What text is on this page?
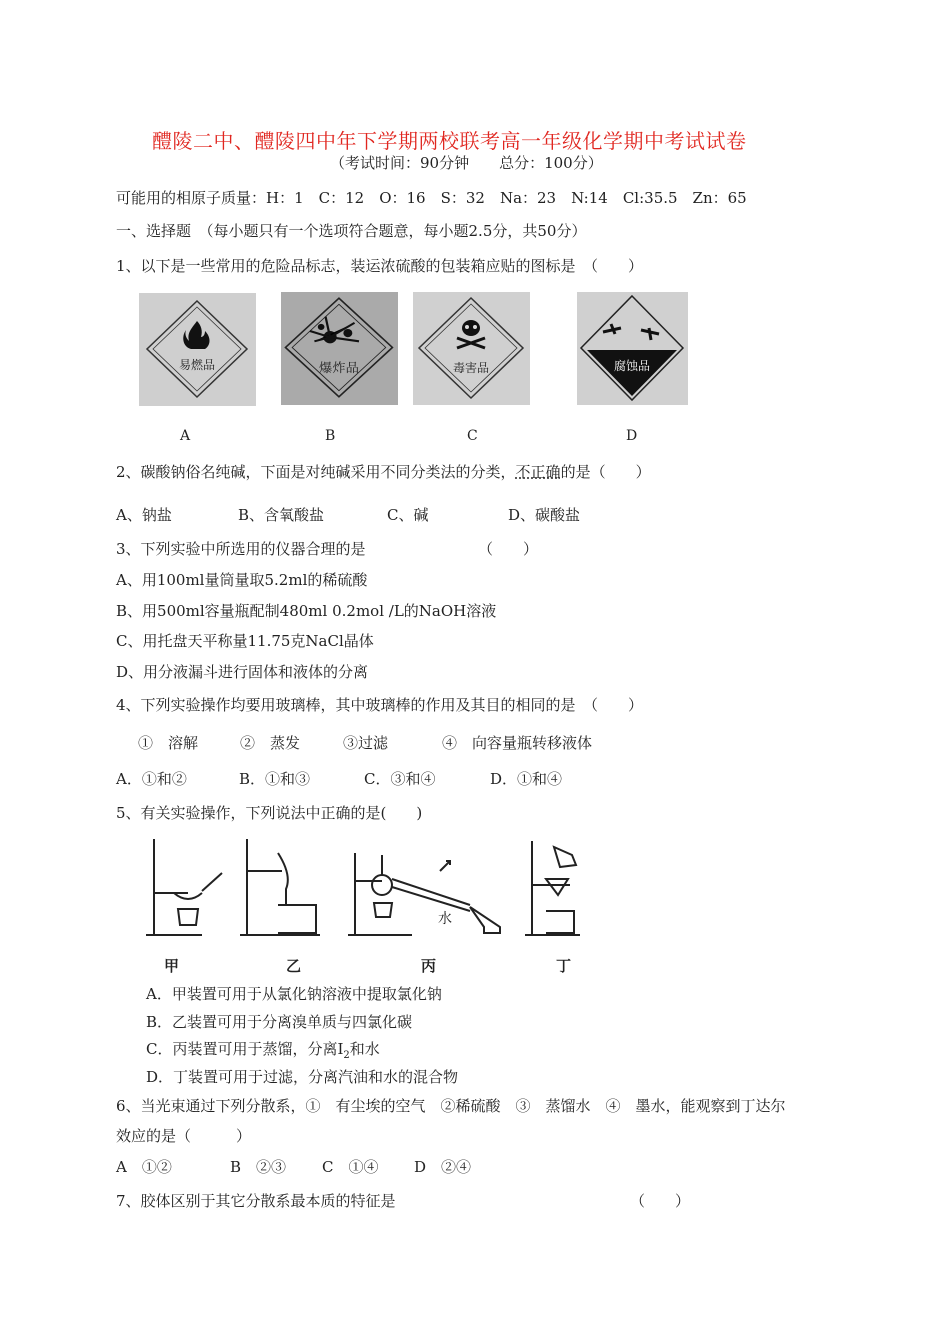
醴陵二中、醴陵四中年下学期两校联考高一年级化学期中考试试卷
（考试时间：90分钟　　总分：100分）
可能用的相原子质量：H：1　C：12　O：16　S：32　Na：23　N:14　Cl:35.5　Zn：65
一、选择题　（每小题只有一个选项符合题意，每小题2.5分，共50分）
1、以下是一些常用的危险品标志，装运浓硫酸的包装箱应贴的图标是　（　　）
易燃品	爆炸品	毒害品	腐蚀品
A	B	C	D
2、碳酸钠俗名纯碱，下面是对纯碱采用不同分类法的分类，不正确的是（　　）
A、钠盐	B、含氧酸盐	C、碱	D、碳酸盐
3、下列实验中所选用的仪器合理的是　　　　　　　　（　　）
A、用100ml量筒量取5.2ml的稀硫酸
B、用500ml容量瓶配制480ml 0.2mol /L的NaOH溶液
C、用托盘天平称量11.75克NaCl晶体
D、用分液漏斗进行固体和液体的分离
4、下列实验操作均要用玻璃棒，其中玻璃棒的作用及其目的相同的是　（　　）
①　溶解	②　蒸发	③过滤	④　向容量瓶转移液体
A．①和②	B．①和③	C．③和④	D．①和④
5、有关实验操作，下列说法中正确的是(　　)
水
甲	乙	丙	丁
A．甲装置可用于从氯化钠溶液中提取氯化钠
B．乙装置可用于分离溴单质与四氯化碳
C．丙装置可用于蒸馏，分离$I_2$和水
D．丁装置可用于过滤，分离汽油和水的混合物
6、当光束通过下列分散系，①　有尘埃的空气　②稀硫酸　③　蒸馏水　④　墨水，能观察到丁达尔
效应的是（　　　）
A　①②	B　②③ C　①④ D　②④
7、胶体区别于其它分散系最本质的特征是	（　　）
